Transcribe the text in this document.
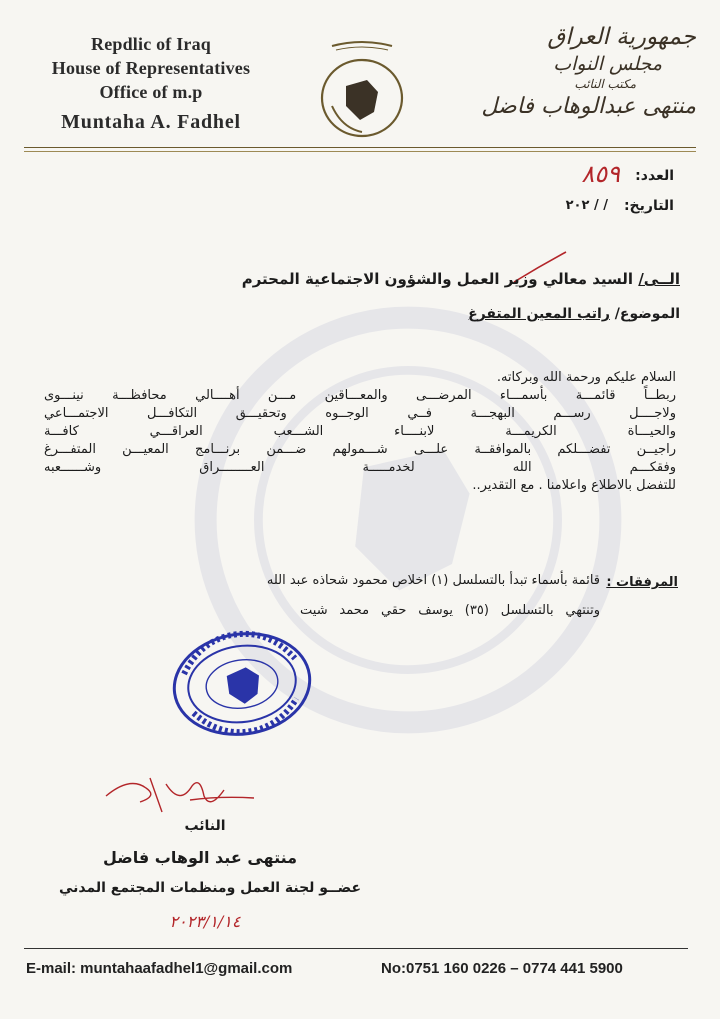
Repdlic of Iraq
House of Representatives
Office of m.p
Muntaha A. Fadhel
جمهورية العراق
مجلس النواب
مكتب النائب
منتهى عبدالوهاب فاضل
العدد:
٨٥٩
التاريخ:
/ / ٢٠٢
الــى/ السيد معالي وزير العمل والشؤون الاجتماعية المحترم
الموضوع/ راتب المعين المتفرغ
السلام عليكم ورحمة الله وبركاته.
ربطــاً قائمـــة بأسمـــاء المرضـــى والمعـــاقين مـــن أهــــالي محافظـــة نينـــوى
ولاجــــل رســـم البهجـــة فــي الوجــوه وتحقيـــق التكافـــل الاجتمـــاعي
والحيـــاة الكريمـــة لابنــــاء الشـــعب العراقـــي كافـــة
راجيــن تفضـــلكم بالموافقــة علـــى شـــمولهم ضـــمن برنـــامج المعيـــن المتفـــرغ
وفقكـــم الله لخدمـــــة العــــــــراق وشــــــعبه
للتفضل بالاطلاع واعلامنا . مع التقدير..
المرفقات :
قائمة بأسماء تبدأ بالتسلسل (١) اخلاص محمود شحاذه عبد الله
وتنتهي بالتسلسل (٣٥) يوسف حقي محمد شيت
النائب
منتهى عبد الوهاب فاضل
عضــو لجنة العمل ومنظمات المجتمع المدني
٢٠٢٣/١/١٤
E-mail: muntahaafadhel1@gmail.com	No:0751 160 0226 – 0774 441 5900
